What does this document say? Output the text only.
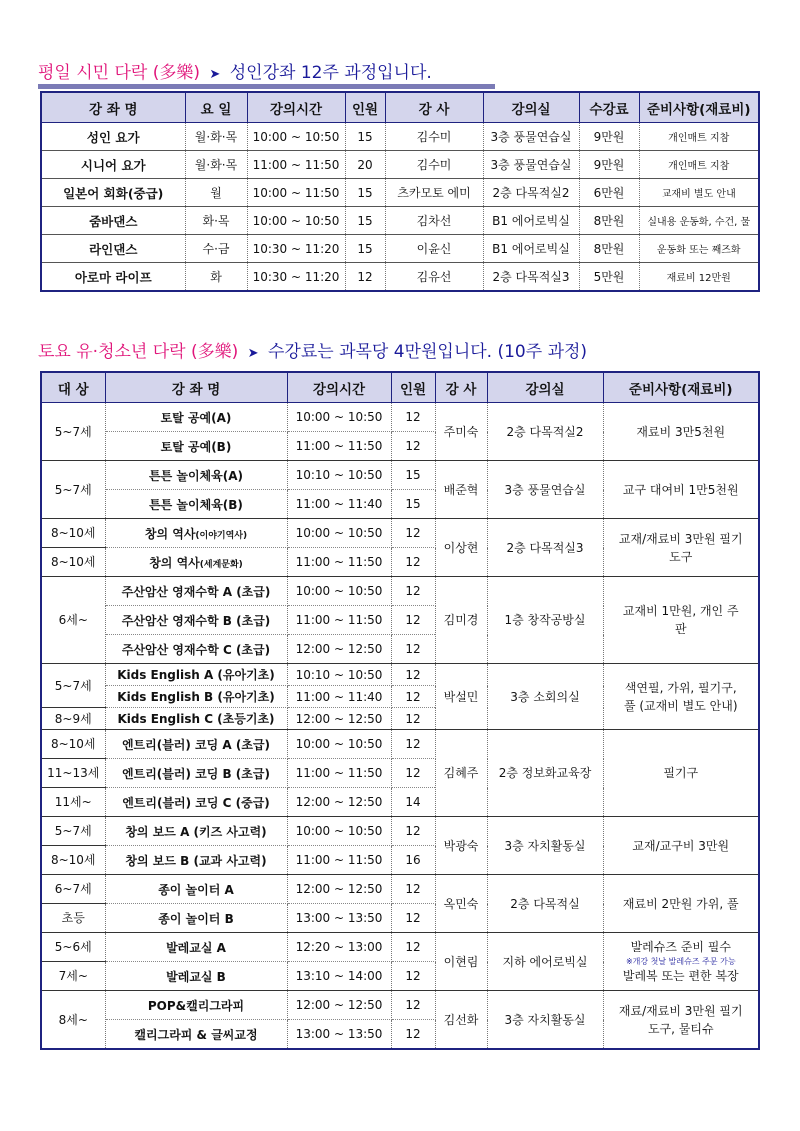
평일 시민 다락 (多樂) ➤ 성인강좌 12주 과정입니다.
강 좌 명	요 일	강의시간	인원	강 사	강의실	수강료	준비사항(재료비)
성인 요가	월·화·목	10:00 ~ 10:50	15	김수미	3층 풍물연습실	9만원	개인매트 지참
시니어 요가	월·화·목	11:00 ~ 11:50	20	김수미	3층 풍물연습실	9만원	개인매트 지참
일본어 회화(중급)	월	10:00 ~ 11:50	15	츠카모토 에미	2층 다목적실2	6만원	교재비 별도 안내
줌바댄스	화·목	10:00 ~ 10:50	15	김차선	B1 에어로빅실	8만원	실내용 운동화, 수건, 물
라인댄스	수·금	10:30 ~ 11:20	15	이윤신	B1 에어로빅실	8만원	운동화 또는 째즈화
아로마 라이프	화	10:30 ~ 11:20	12	김유선	2층 다목적실3	5만원	재료비 12만원
토요 유·청소년 다락 (多樂) ➤ 수강료는 과목당 4만원입니다. (10주 과정)
대 상	강 좌 명	강의시간	인원	강 사	강의실	준비사항(재료비)
5~7세	토탈 공예(A)	10:00 ~ 10:50	12	주미숙	2층 다목적실2	재료비 3만5천원
	토탈 공예(B)	11:00 ~ 11:50	12			
5~7세	튼튼 놀이체육(A)	10:10 ~ 10:50	15	배준혁	3층 풍물연습실	교구 대여비 1만5천원
	튼튼 놀이체육(B)	11:00 ~ 11:40	15			
8~10세	창의 역사(이야기역사)	10:00 ~ 10:50	12	이상현	2층 다목적실3	교재/재료비 3만원 필기도구
8~10세	창의 역사(세계문화)	11:00 ~ 11:50	12			
6세~	주산암산 영재수학 A (초급)	10:00 ~ 10:50	12	김미경	1층 창작공방실	교재비 1만원, 개인 주판
	주산암산 영재수학 B (초급)	11:00 ~ 11:50	12			
	주산암산 영재수학 C (초급)	12:00 ~ 12:50	12			
5~7세	Kids English A (유아기초)	10:10 ~ 10:50	12	박설민	3층 소회의실	색연필, 가위, 필기구, 풀 (교재비 별도 안내)
	Kids English B (유아기초)	11:00 ~ 11:40	12			
8~9세	Kids English C (초등기초)	12:00 ~ 12:50	12			
8~10세	엔트리(블러) 코딩 A (초급)	10:00 ~ 10:50	12	김혜주	2층 정보화교육장	필기구
11~13세	엔트리(블러) 코딩 B (초급)	11:00 ~ 11:50	12			
11세~	엔트리(블러) 코딩 C (중급)	12:00 ~ 12:50	14			
5~7세	창의 보드 A (키즈 사고력)	10:00 ~ 10:50	12	박광숙	3층 자치활동실	교재/교구비 3만원
8~10세	창의 보드 B (교과 사고력)	11:00 ~ 11:50	16			
6~7세	종이 놀이터 A	12:00 ~ 12:50	12	옥민숙	2층 다목적실	재료비 2만원 가위, 풀
초등	종이 놀이터 B	13:00 ~ 13:50	12			
5~6세	발레교실 A	12:20 ~ 13:00	12	이현림	지하 에어로빅실	발레슈즈 준비 필수
※개강 첫날 발레슈즈 주문 가능
발레복 또는 편한 복장
7세~	발레교실 B	13:10 ~ 14:00	12			
8세~	POP&캘리그라피	12:00 ~ 12:50	12	김선화	3층 자치활동실	재료/재료비 3만원 필기도구, 물티슈
	캘리그라피 & 글씨교정	13:00 ~ 13:50	12			
